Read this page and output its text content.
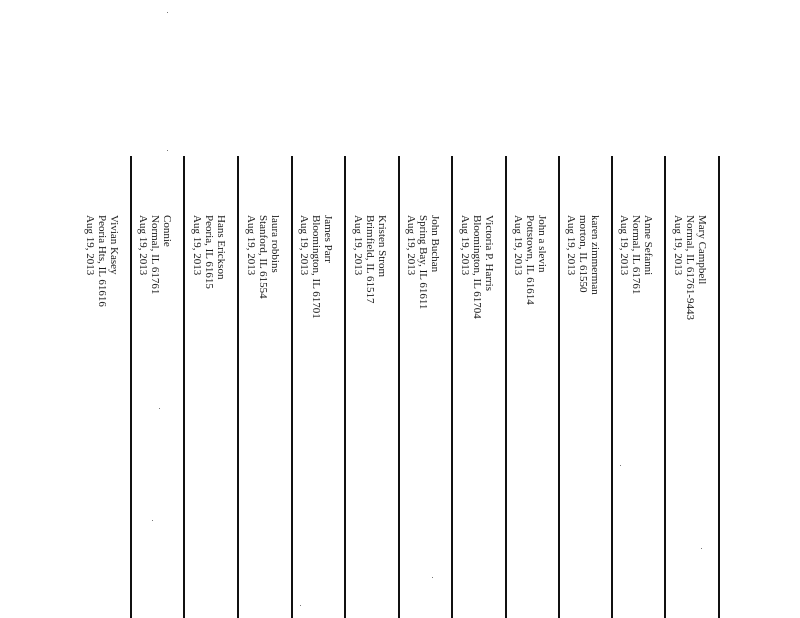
Mary Campbell
Normal, IL 61761-9443
Aug 19, 2013
Anne Sefanni
Normal, IL 61761
Aug 19, 2013
karen zimmerman
morton, IL 61550
Aug 19, 2013
John a slevin
Pottstown, IL 61614
Aug 19, 2013
Victoria P. Harris
Bloomington, IL 61704
Aug 19, 2013
John Buchan
Spring Bay, IL 61611
Aug 19, 2013
Kristen Strom
Brimfield, IL 61517
Aug 19, 2013
James Parr
Bloomington, IL 61701
Aug 19, 2013
laura robbins
Stanford, IL 61554
Aug 19, 2013
Hans Erickson
Peoria, IL 61615
Aug 19, 2013
Connie
Normal, IL 61761
Aug 19, 2013
Vivian Kasey
Peoria Hts, IL 61616
Aug 19, 2013
